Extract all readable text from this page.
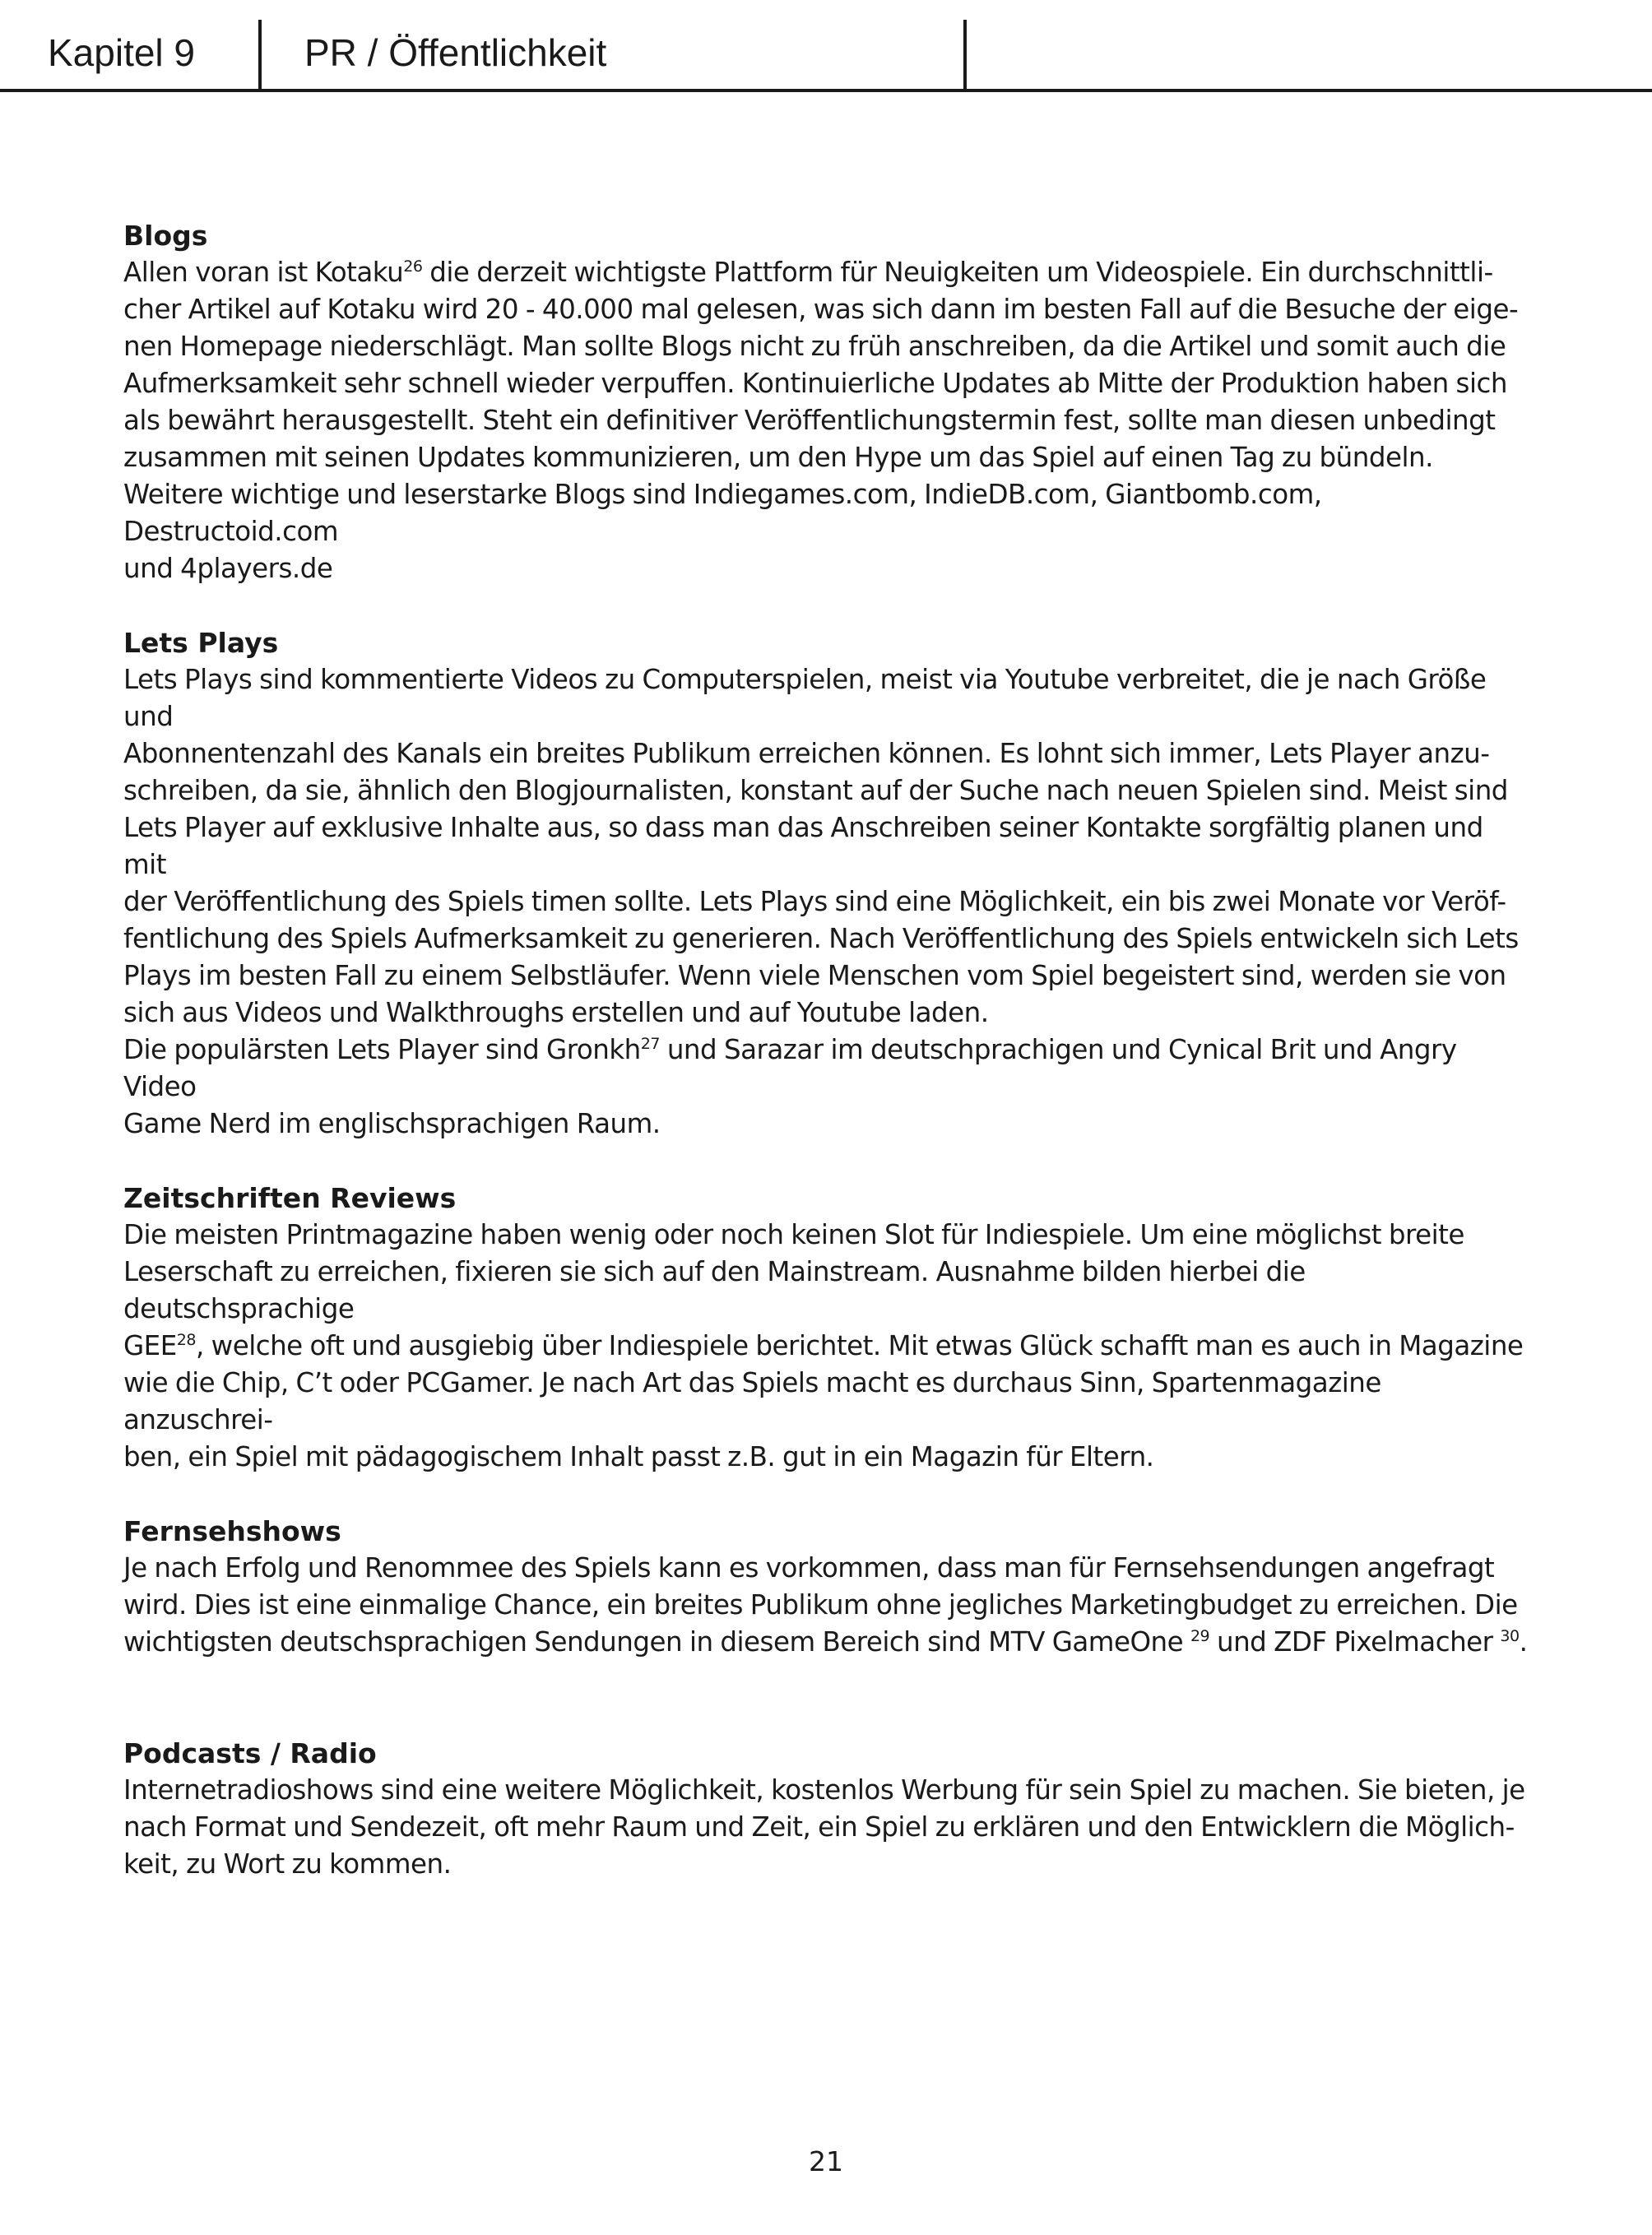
Kapitel 9	PR / Öffentlichkeit
Blogs

Allen voran ist Kotaku$^{26}$ die derzeit wichtigste Plattform für Neuigkeiten um Videospiele. Ein durchschnittli-
cher Artikel auf Kotaku wird 20 - 40.000 mal gelesen, was sich dann im besten Fall auf die Besuche der eige-
nen Homepage niederschlägt. Man sollte Blogs nicht zu früh anschreiben, da die Artikel und somit auch die
Aufmerksamkeit sehr schnell wieder verpuffen. Kontinuierliche Updates ab Mitte der Produktion haben sich
als bewährt herausgestellt. Steht ein definitiver Veröffentlichungstermin fest, sollte man diesen unbedingt
zusammen mit seinen Updates kommunizieren, um den Hype um das Spiel auf einen Tag zu bündeln.
Weitere wichtige und leserstarke Blogs sind Indiegames.com, IndieDB.com, Giantbomb.com, Destructoid.com
und 4players.de

Lets Plays

Lets Plays sind kommentierte Videos zu Computerspielen, meist via Youtube verbreitet, die je nach Größe und
Abonnentenzahl des Kanals ein breites Publikum erreichen können. Es lohnt sich immer, Lets Player anzu-
schreiben, da sie, ähnlich den Blogjournalisten, konstant auf der Suche nach neuen Spielen sind. Meist sind
Lets Player auf exklusive Inhalte aus, so dass man das Anschreiben seiner Kontakte sorgfältig planen und mit
der Veröffentlichung des Spiels timen sollte. Lets Plays sind eine Möglichkeit, ein bis zwei Monate vor Veröf-
fentlichung des Spiels Aufmerksamkeit zu generieren. Nach Veröffentlichung des Spiels entwickeln sich Lets
Plays im besten Fall zu einem Selbstläufer. Wenn viele Menschen vom Spiel begeistert sind, werden sie von
sich aus Videos und Walkthroughs erstellen und auf Youtube laden.

Die populärsten Lets Player sind Gronkh$^{27}$ und Sarazar im deutschprachigen und Cynical Brit und Angry Video
Game Nerd im englischsprachigen Raum.

Zeitschriften Reviews

Die meisten Printmagazine haben wenig oder noch keinen Slot für Indiespiele. Um eine möglichst breite
Leserschaft zu erreichen, fixieren sie sich auf den Mainstream. Ausnahme bilden hierbei die deutschsprachige
GEE$^{28}$, welche oft und ausgiebig über Indiespiele berichtet. Mit etwas Glück schafft man es auch in Magazine
wie die Chip, C’t oder PCGamer. Je nach Art das Spiels macht es durchaus Sinn, Spartenmagazine anzuschrei-
ben, ein Spiel mit pädagogischem Inhalt passt z.B. gut in ein Magazin für Eltern.

Fernsehshows

Je nach Erfolg und Renommee des Spiels kann es vorkommen, dass man für Fernsehsendungen angefragt
wird. Dies ist eine einmalige Chance, ein breites Publikum ohne jegliches Marketingbudget zu erreichen. Die
wichtigsten deutschsprachigen Sendungen in diesem Bereich sind MTV GameOne $^{29}$ und ZDF Pixelmacher $^{30}$.

Podcasts / Radio

Internetradioshows sind eine weitere Möglichkeit, kostenlos Werbung für sein Spiel zu machen. Sie bieten, je
nach Format und Sendezeit, oft mehr Raum und Zeit, ein Spiel zu erklären und den Entwicklern die Möglich-
keit, zu Wort zu kommen.

21
